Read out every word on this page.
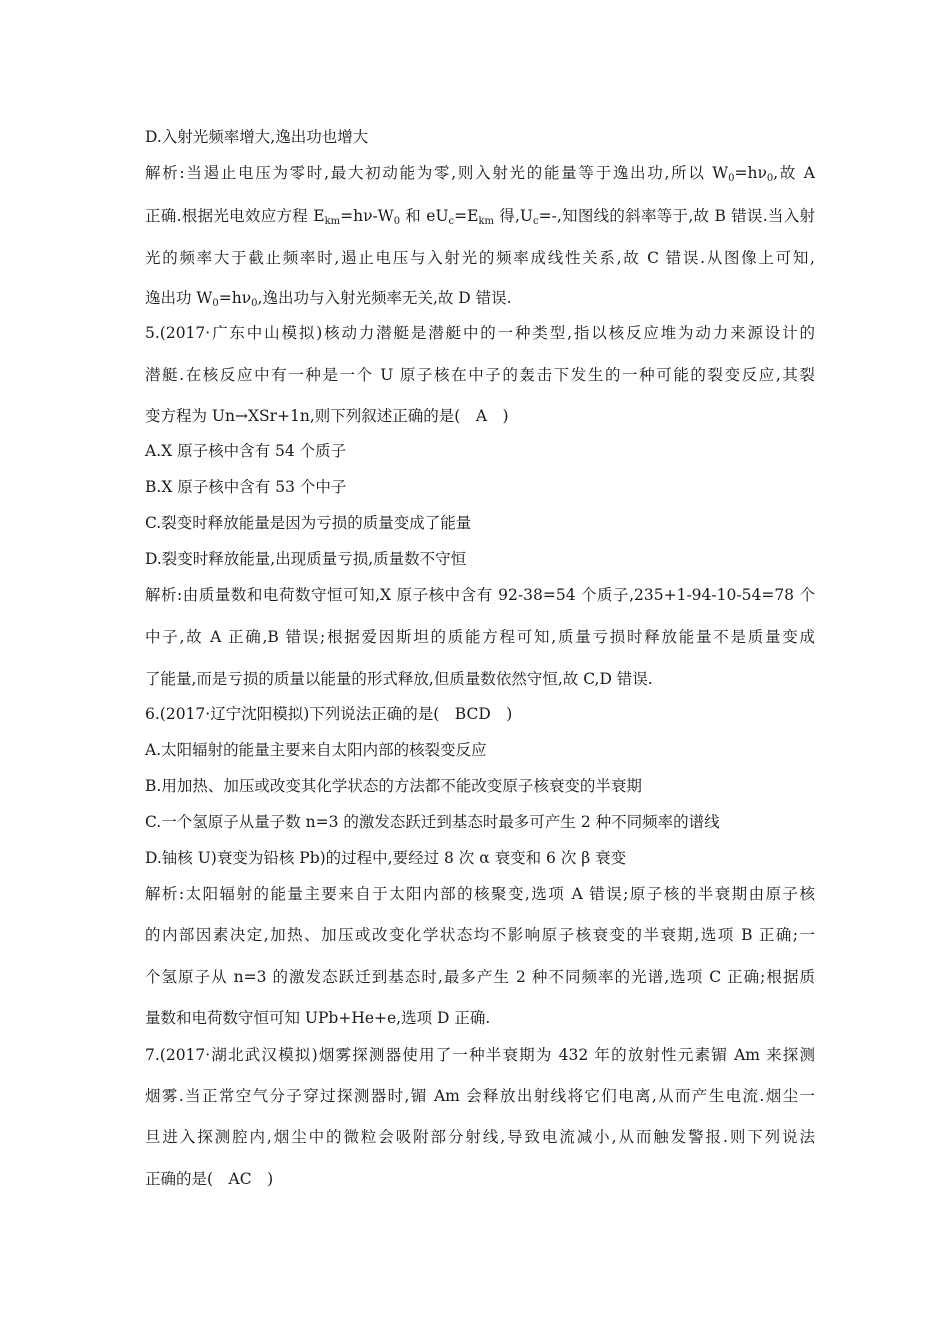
D.入射光频率增大,逸出功也增大
解析:当遏止电压为零时,最大初动能为零,则入射光的能量等于逸出功,所以 $W_0=h\nu_0$,故 A
正确.根据光电效应方程 $E_{km}=h\nu-W_0$ 和 $eU_c=E_{km}$ 得$,U_c=-$,知图线的斜率等于,故 B 错误.当入射
光的频率大于截止频率时,遏止电压与入射光的频率成线性关系,故 C 错误.从图像上可知,
逸出功 $W_0=h\nu_0$,逸出功与入射光频率无关,故 D 错误.
5.(2017·广东中山模拟)核动力潜艇是潜艇中的一种类型,指以核反应堆为动力来源设计的
潜艇.在核反应中有一种是一个 U 原子核在中子的轰击下发生的一种可能的裂变反应,其裂
变方程为 Un→XSr+1n,则下列叙述正确的是(　A　)
A.X 原子核中含有 54 个质子
B.X 原子核中含有 53 个中子
C.裂变时释放能量是因为亏损的质量变成了能量
D.裂变时释放能量,出现质量亏损,质量数不守恒
解析:由质量数和电荷数守恒可知,X 原子核中含有 92-38=54 个质子,235+1-94-10-54=78 个
中子,故 A 正确,B 错误;根据爱因斯坦的质能方程可知,质量亏损时释放能量不是质量变成
了能量,而是亏损的质量以能量的形式释放,但质量数依然守恒,故 C,D 错误.
6.(2017·辽宁沈阳模拟)下列说法正确的是(　BCD　)
A.太阳辐射的能量主要来自太阳内部的核裂变反应
B.用加热、加压或改变其化学状态的方法都不能改变原子核衰变的半衰期
C.一个氢原子从量子数 n=3 的激发态跃迁到基态时最多可产生 2 种不同频率的谱线
D.铀核 U)衰变为铅核 Pb)的过程中,要经过 8 次 α 衰变和 6 次 β 衰变
解析:太阳辐射的能量主要来自于太阳内部的核聚变,选项 A 错误;原子核的半衰期由原子核
的内部因素决定,加热、加压或改变化学状态均不影响原子核衰变的半衰期,选项 B 正确;一
个氢原子从 n=3 的激发态跃迁到基态时,最多产生 2 种不同频率的光谱,选项 C 正确;根据质
量数和电荷数守恒可知 UPb+He+e,选项 D 正确.
7.(2017·湖北武汉模拟)烟雾探测器使用了一种半衰期为 432 年的放射性元素镅 Am 来探测
烟雾.当正常空气分子穿过探测器时,镅 Am 会释放出射线将它们电离,从而产生电流.烟尘一
旦进入探测腔内,烟尘中的微粒会吸附部分射线,导致电流减小,从而触发警报.则下列说法
正确的是(　AC　)
